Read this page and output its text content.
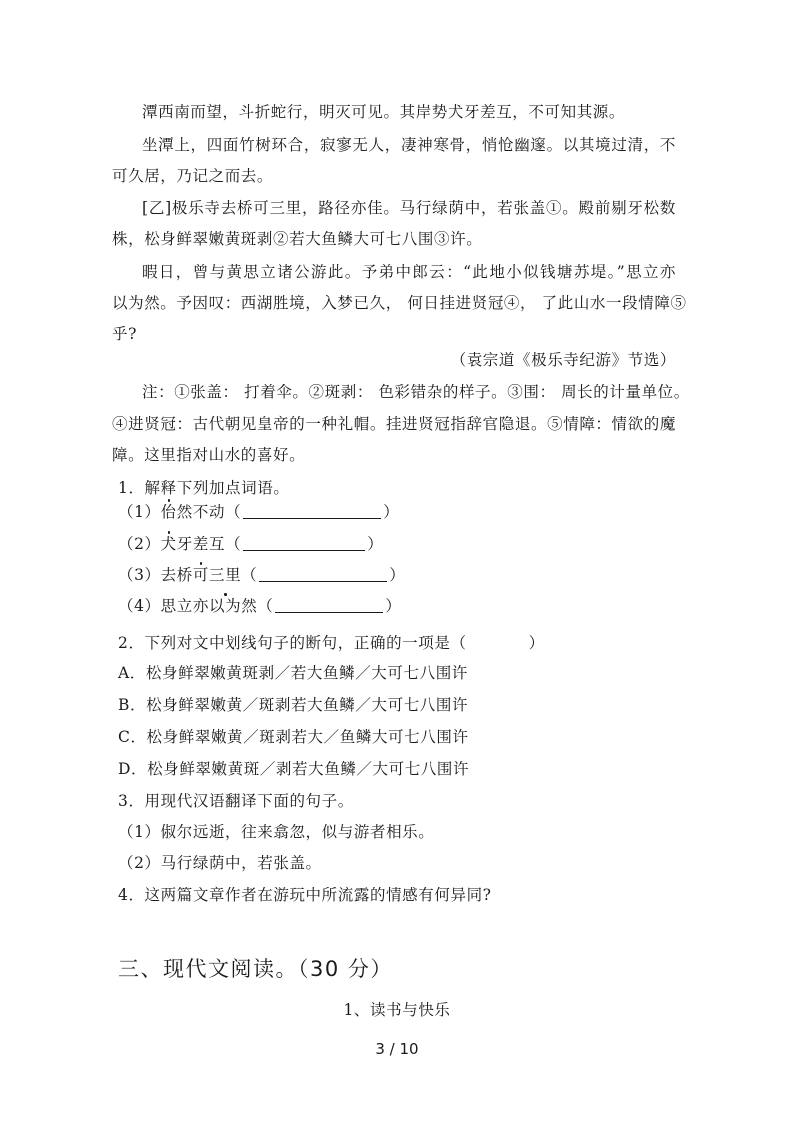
潭西南而望，斗折蛇行，明灭可见。其岸势犬牙差互，不可知其源。
坐潭上，四面竹树环合，寂寥无人，凄神寒骨，悄怆幽邃。以其境过清，不
可久居，乃记之而去。
[乙]极乐寺去桥可三里，路径亦佳。马行绿荫中，若张盖①。殿前剔牙松数
株，松身鲜翠嫩黄斑剥②若大鱼鳞大可七八围③许。
暇日，曾与黄思立诸公游此。予弟中郎云：“此地小似钱塘苏堤。”思立亦
以为然。予因叹：西湖胜境，入梦已久， 何日挂进贤冠④， 了此山水一段情障⑤
乎?
（袁宗道《极乐寺纪游》节选）
注：①张盖： 打着伞。②斑剥： 色彩错杂的样子。③围： 周长的计量单位。
④进贤冠：古代朝见皇帝的一种礼帽。挂进贤冠指辞官隐退。⑤情障：情欲的魔
障。这里指对山水的喜好。
1．解释下列加点词语。
（1）佁然不动（	）
（2）犬牙差互（	）
（3）去桥可三里（	）
（4）思立亦以为然（	）
2．下列对文中划线句子的断句，正确的一项是（	）
A．松身鲜翠嫩黄斑剥／若大鱼鳞／大可七八围许
B．松身鲜翠嫩黄／斑剥若大鱼鳞／大可七八围许
C．松身鲜翠嫩黄／斑剥若大／鱼鳞大可七八围许
D．松身鲜翠嫩黄斑／剥若大鱼鳞／大可七八围许
3．用现代汉语翻译下面的句子。
（1）俶尔远逝，往来翕忽，似与游者相乐。
（2）马行绿荫中，若张盖。
4．这两篇文章作者在游玩中所流露的情感有何异同?
三、现代文阅读。（30 分）
1、读书与快乐
3 / 10
